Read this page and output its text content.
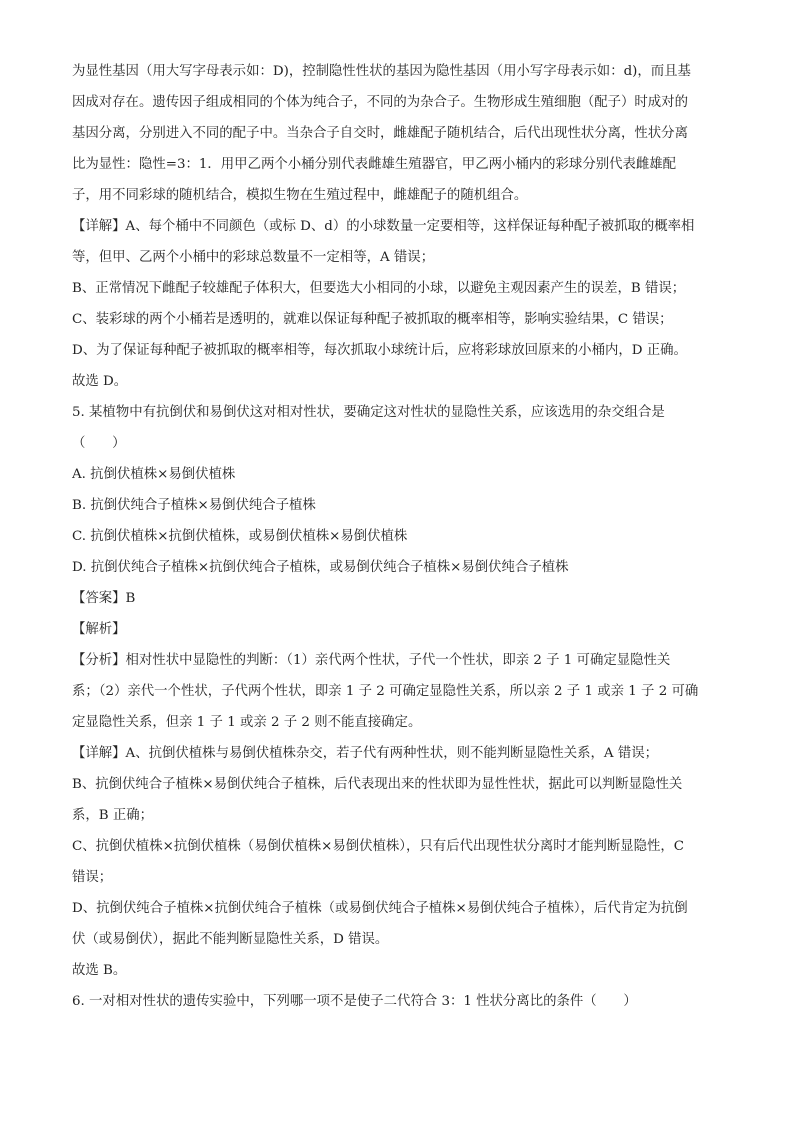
为显性基因（用大写字母表示如：D)，控制隐性性状的基因为隐性基因（用小写字母表示如：d)，而且基
因成对存在。遗传因子组成相同的个体为纯合子，不同的为杂合子。生物形成生殖细胞（配子）时成对的
基因分离，分别进入不同的配子中。当杂合子自交时，雌雄配子随机结合，后代出现性状分离，性状分离
比为显性：隐性=3：1．用甲乙两个小桶分别代表雌雄生殖器官，甲乙两小桶内的彩球分别代表雌雄配
子，用不同彩球的随机结合，模拟生物在生殖过程中，雌雄配子的随机组合。
【详解】A、每个桶中不同颜色（或标 D、d）的小球数量一定要相等，这样保证每种配子被抓取的概率相
等，但甲、乙两个小桶中的彩球总数量不一定相等，A 错误；
B、正常情况下雌配子较雄配子体积大，但要选大小相同的小球，以避免主观因素产生的误差，B 错误；
C、装彩球的两个小桶若是透明的，就难以保证每种配子被抓取的概率相等，影响实验结果，C 错误；
D、为了保证每种配子被抓取的概率相等，每次抓取小球统计后，应将彩球放回原来的小桶内，D 正确。
故选 D。
5. 某植物中有抗倒伏和易倒伏这对相对性状，要确定这对性状的显隐性关系，应该选用的杂交组合是
（　　）
A. 抗倒伏植株×易倒伏植株
B. 抗倒伏纯合子植株×易倒伏纯合子植株
C. 抗倒伏植株×抗倒伏植株，或易倒伏植株×易倒伏植株
D. 抗倒伏纯合子植株×抗倒伏纯合子植株，或易倒伏纯合子植株×易倒伏纯合子植株
【答案】B
【解析】
【分析】相对性状中显隐性的判断：（1）亲代两个性状，子代一个性状，即亲 2 子 1 可确定显隐性关
系；（2）亲代一个性状，子代两个性状，即亲 1 子 2 可确定显隐性关系，所以亲 2 子 1 或亲 1 子 2 可确
定显隐性关系，但亲 1 子 1 或亲 2 子 2 则不能直接确定。
【详解】A、抗倒伏植株与易倒伏植株杂交，若子代有两种性状，则不能判断显隐性关系，A 错误；
B、抗倒伏纯合子植株×易倒伏纯合子植株，后代表现出来的性状即为显性性状，据此可以判断显隐性关
系，B 正确；
C、抗倒伏植株×抗倒伏植株（易倒伏植株×易倒伏植株），只有后代出现性状分离时才能判断显隐性，C
错误；
D、抗倒伏纯合子植株×抗倒伏纯合子植株（或易倒伏纯合子植株×易倒伏纯合子植株），后代肯定为抗倒
伏（或易倒伏），据此不能判断显隐性关系，D 错误。
故选 B。
6. 一对相对性状的遗传实验中，下列哪一项不是使子二代符合 3：1 性状分离比的条件（　　）
